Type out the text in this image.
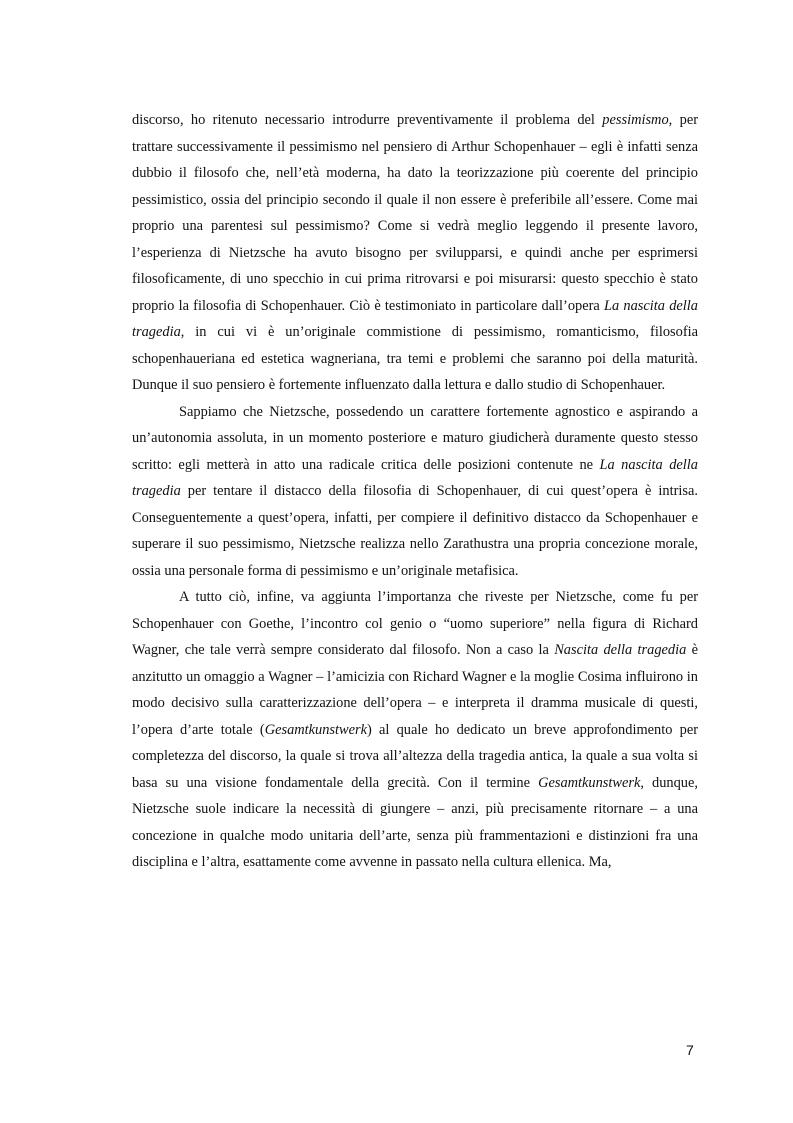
discorso, ho ritenuto necessario introdurre preventivamente il problema del pessimismo, per trattare successivamente il pessimismo nel pensiero di Arthur Schopenhauer – egli è infatti senza dubbio il filosofo che, nell’età moderna, ha dato la teorizzazione più coerente del principio pessimistico, ossia del principio secondo il quale il non essere è preferibile all’essere. Come mai proprio una parentesi sul pessimismo? Come si vedrà meglio leggendo il presente lavoro, l’esperienza di Nietzsche ha avuto bisogno per svilupparsi, e quindi anche per esprimersi filosoficamente, di uno specchio in cui prima ritrovarsi e poi misurarsi: questo specchio è stato proprio la filosofia di Schopenhauer. Ciò è testimoniato in particolare dall’opera La nascita della tragedia, in cui vi è un’originale commistione di pessimismo, romanticismo, filosofia schopenhaueriana ed estetica wagneriana, tra temi e problemi che saranno poi della maturità. Dunque il suo pensiero è fortemente influenzato dalla lettura e dallo studio di Schopenhauer.

Sappiamo che Nietzsche, possedendo un carattere fortemente agnostico e aspirando a un’autonomia assoluta, in un momento posteriore e maturo giudicherà duramente questo stesso scritto: egli metterà in atto una radicale critica delle posizioni contenute ne La nascita della tragedia per tentare il distacco della filosofia di Schopenhauer, di cui quest’opera è intrisa. Conseguentemente a quest’opera, infatti, per compiere il definitivo distacco da Schopenhauer e superare il suo pessimismo, Nietzsche realizza nello Zarathustra una propria concezione morale, ossia una personale forma di pessimismo e un’originale metafisica.

A tutto ciò, infine, va aggiunta l’importanza che riveste per Nietzsche, come fu per Schopenhauer con Goethe, l’incontro col genio o “uomo superiore” nella figura di Richard Wagner, che tale verrà sempre considerato dal filosofo. Non a caso la Nascita della tragedia è anzitutto un omaggio a Wagner – l’amicizia con Richard Wagner e la moglie Cosima influirono in modo decisivo sulla caratterizzazione dell’opera – e interpreta il dramma musicale di questi, l’opera d’arte totale (Gesamtkunstwerk) al quale ho dedicato un breve approfondimento per completezza del discorso, la quale si trova all’altezza della tragedia antica, la quale a sua volta si basa su una visione fondamentale della grecità. Con il termine Gesamtkunstwerk, dunque, Nietzsche suole indicare la necessità di giungere – anzi, più precisamente ritornare – a una concezione in qualche modo unitaria dell’arte, senza più frammentazioni e distinzioni fra una disciplina e l’altra, esattamente come avvenne in passato nella cultura ellenica. Ma,

7
